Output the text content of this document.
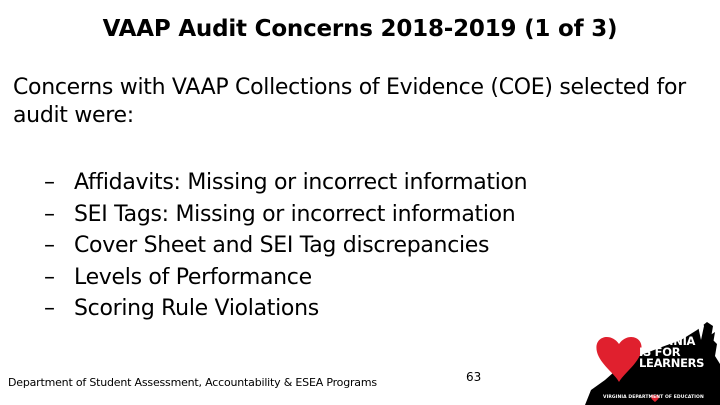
VAAP Audit Concerns 2018-2019 (1 of 3)
Concerns with VAAP Collections of Evidence (COE) selected for audit were:
– Affidavits: Missing or incorrect information
– SEI Tags: Missing or incorrect information
– Cover Sheet and SEI Tag discrepancies
– Levels of Performance
– Scoring Rule Violations
Department of Student Assessment, Accountability & ESEA Programs	63
VIRGINIA
IS FOR
LEARNERS
VIRGINIA DEPARTMENT OF EDUCATION
